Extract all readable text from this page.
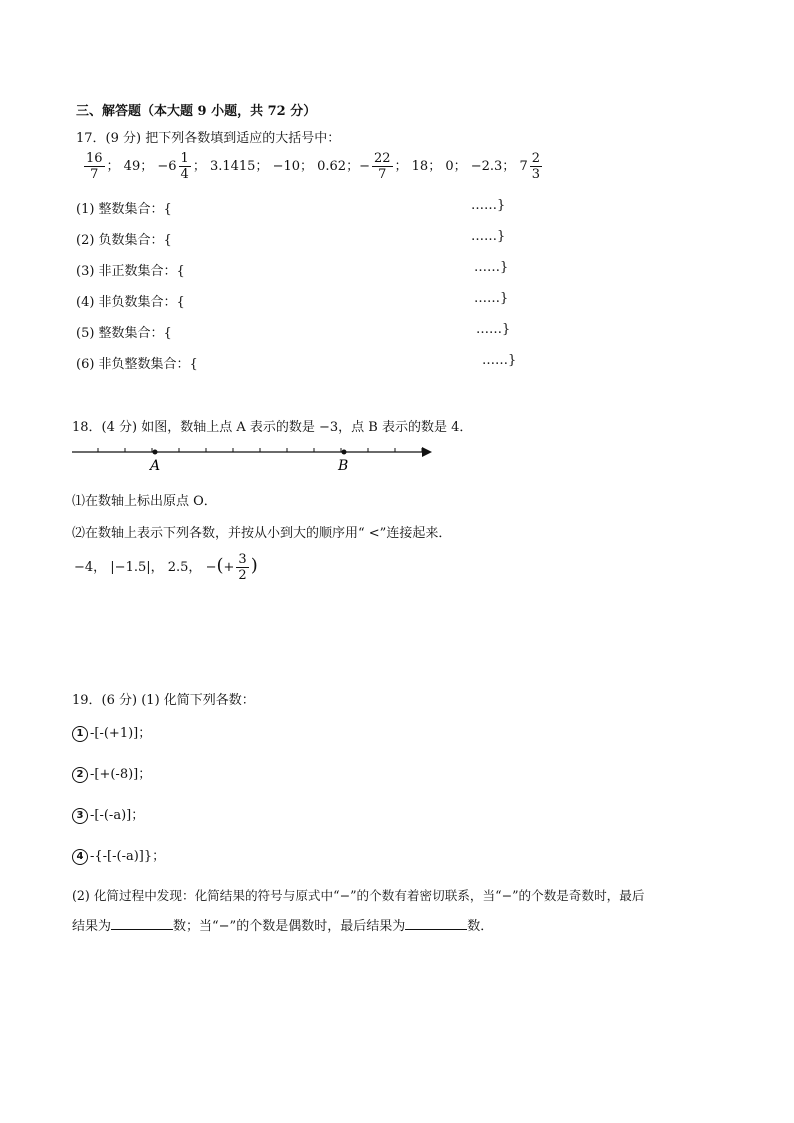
三、解答题（本大题 9 小题，共 72 分）
17．(9 分) 把下列各数填到适应的大括号中：
$\frac{16}{7}$ ； 49； $-6 \frac{1}{4}$ ； 3.1415； −10； 0.62；− $\frac{22}{7}$ ； 18； 0； −2.3； $7 \frac{2}{3}$
(1) 整数集合：{	……}
(2) 负数集合：{	……}
(3) 非正数集合：{	……}
(4) 非负数集合：{	……}
(5) 整数集合：{	……}
(6) 非负整数集合：{	……}
18．(4 分) 如图，数轴上点 A 表示的数是 −3，点 B 表示的数是 4．
A	B
⑴在数轴上标出原点 O．
⑵在数轴上表示下列各数，并按从小到大的顺序用“ <”连接起来．
−4， |−1.5|， 2.5， −(+ $\frac{3}{2}$ )
19．(6 分) (1) 化简下列各数：
1 -[-(+1)]；
2 -[+(-8)]；
3 -[-(-a)]；
4 -{-[-(-a)]}；
(2) 化简过程中发现：化简结果的符号与原式中“−”的个数有着密切联系，当“−”的个数是奇数时，最后
结果为	数；当“−”的个数是偶数时，最后结果为	数．
